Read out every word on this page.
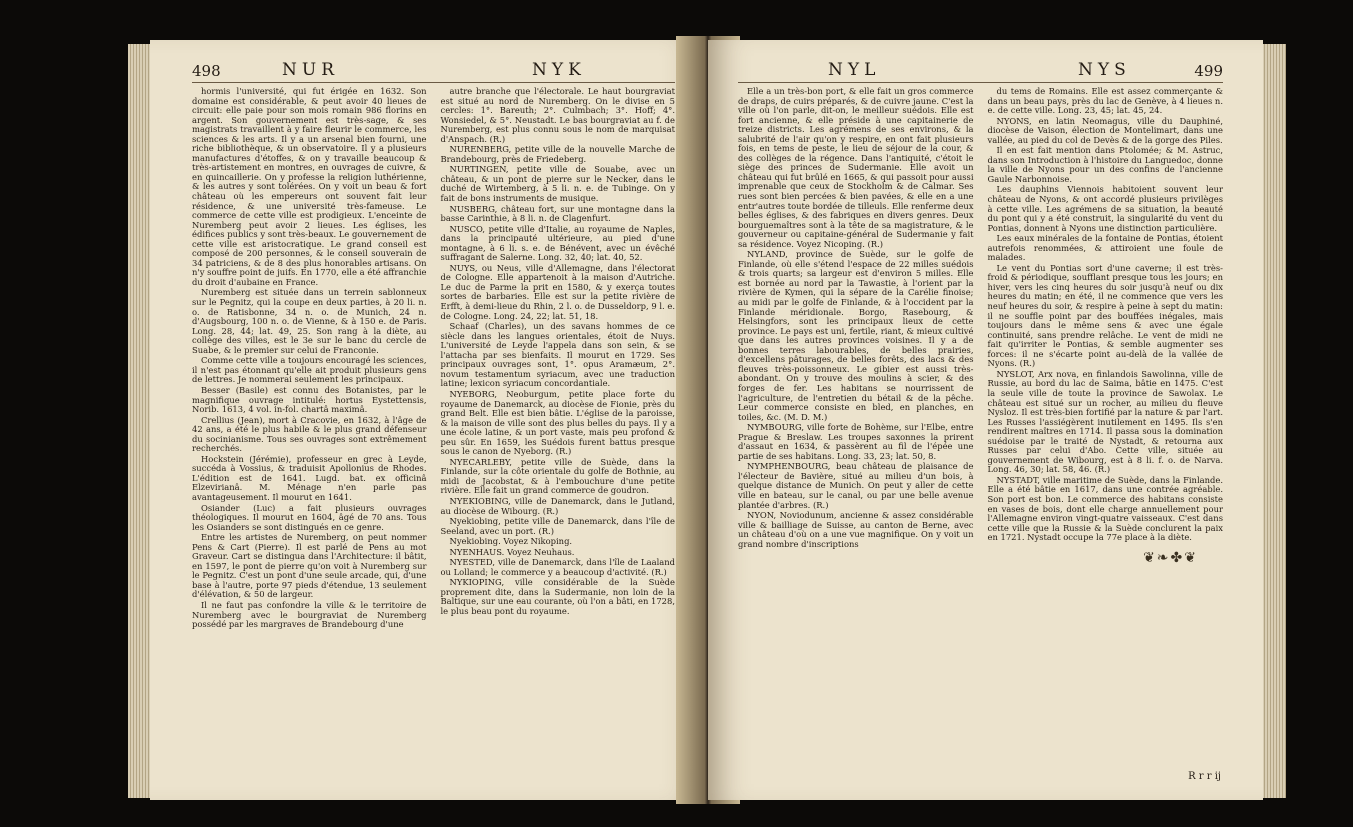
498	NUR	NYK

hormis l'université, qui fut érigée en 1632. Son domaine est considérable, & peut avoir 40 lieues de circuit: elle paie pour son mois romain 986 florins en argent. Son gouvernement est très-sage, & ses magistrats travaillent à y faire fleurir le commerce, les sciences & les arts. Il y a un arsenal bien fourni, une riche bibliothèque, & un observatoire. Il y a plusieurs manufactures d'étoffes, & on y travaille beaucoup & très-artistement en montres, en ouvrages de cuivre, & en quincaillerie. On y professe la religion luthérienne, & les autres y sont tolérées. On y voit un beau & fort château où les empereurs ont souvent fait leur résidence, & une université très-fameuse. Le commerce de cette ville est prodigieux. L'enceinte de Nuremberg peut avoir 2 lieues. Les églises, les édifices publics y sont très-beaux. Le gouvernement de cette ville est aristocratique. Le grand conseil est composé de 200 personnes, & le conseil souverain de 34 patriciens, & de 8 des plus honorables artisans. On n'y souffre point de juifs. En 1770, elle a été affranchie du droit d'aubaine en France.

Nuremberg est située dans un terrein sablonneux sur le Pegnitz, qui la coupe en deux parties, à 20 li. n. o. de Ratisbonne, 34 n. o. de Munich, 24 n. d'Augsbourg, 100 n. o. de Vienne, & à 150 e. de Paris. Long. 28, 44; lat. 49, 25. Son rang à la diète, au collège des villes, est le 3e sur le banc du cercle de Suabe, & le premier sur celui de Franconie.

Comme cette ville a toujours encouragé les sciences, il n'est pas étonnant qu'elle ait produit plusieurs gens de lettres. Je nommerai seulement les principaux.

Besser (Basile) est connu des Botanistes, par le magnifique ouvrage intitulé: hortus Eystettensis, Norib. 1613, 4 vol. in-fol. chartâ maximâ.

Crellius (Jean), mort à Cracovie, en 1632, à l'âge de 42 ans, a été le plus habile & le plus grand défenseur du socinianisme. Tous ses ouvrages sont extrêmement recherchés.

Hockstein (Jérémie), professeur en grec à Leyde, succéda à Vossius, & traduisit Apollonius de Rhodes. L'édition est de 1641. Lugd. bat. ex officinâ Elzevirianâ. M. Ménage n'en parle pas avantageusement. Il mourut en 1641.

Osiander (Luc) a fait plusieurs ouvrages théologiques. Il mourut en 1604, âgé de 70 ans. Tous les Osianders se sont distingués en ce genre.

Entre les artistes de Nuremberg, on peut nommer Pens & Cart (Pierre). Il est parlé de Pens au mot Graveur. Cart se distingua dans l'Architecture: il bâtit, en 1597, le pont de pierre qu'on voit à Nuremberg sur le Pegnitz. C'est un pont d'une seule arcade, qui, d'une base à l'autre, porte 97 pieds d'étendue, 13 seulement d'élévation, & 50 de largeur.

Il ne faut pas confondre la ville & le territoire de Nuremberg avec le bourgraviat de Nuremberg possédé par les margraves de Brandebourg d'une

autre branche que l'électorale. Le haut bourgraviat est situé au nord de Nuremberg. On le divise en 5 cercles: 1°. Bareuth; 2°. Culmbach; 3°. Hoff; 4°. Wonsiedel, & 5°. Neustadt. Le bas bourgraviat au f. de Nuremberg, est plus connu sous le nom de marquisat d'Anspach. (R.)

NURENBERG, petite ville de la nouvelle Marche de Brandebourg, près de Friedeberg.

NURTINGEN, petite ville de Souabe, avec un château, & un pont de pierre sur le Necker, dans le duché de Wirtemberg, à 5 li. n. e. de Tubinge. On y fait de bons instruments de musique.

NUSBERG, château fort, sur une montagne dans la basse Carinthie, à 8 li. n. de Clagenfurt.

NUSCO, petite ville d'Italie, au royaume de Naples, dans la principauté ultérieure, au pied d'une montagne, à 6 li. s. e. de Bénévent, avec un évêché suffragant de Salerne. Long. 32, 40; lat. 40, 52.

NUYS, ou Neus, ville d'Allemagne, dans l'électorat de Cologne. Elle appartenoit à la maison d'Autriche. Le duc de Parme la prit en 1580, & y exerça toutes sortes de barbaries. Elle est sur la petite rivière de Erfft, à demi-lieue du Rhin, 2 l. o. de Dusseldorp, 9 l. e. de Cologne. Long. 24, 22; lat. 51, 18.

Schaaf (Charles), un des savans hommes de ce siècle dans les langues orientales, étoit de Nuys. L'université de Leyde l'appela dans son sein, & se l'attacha par ses bienfaits. Il mourut en 1729. Ses principaux ouvrages sont, 1°. opus Aramæum, 2°. novum testamentum syriacum, avec une traduction latine; lexicon syriacum concordantiale.

NYEBORG, Neoburgum, petite place forte du royaume de Danemarck, au diocèse de Fionie, près du grand Belt. Elle est bien bâtie. L'église de la paroisse, & la maison de ville sont des plus belles du pays. Il y a une école latine, & un port vaste, mais peu profond & peu sûr. En 1659, les Suédois furent battus presque sous le canon de Nyeborg. (R.)

NYECARLEBY, petite ville de Suède, dans la Finlande, sur la côte orientale du golfe de Bothnie, au midi de Jacobstat, & à l'embouchure d'une petite rivière. Elle fait un grand commerce de goudron.

NYEKIOBING, ville de Danemarck, dans le Jutland, au diocèse de Wibourg. (R.)

Nyekiobing, petite ville de Danemarck, dans l'île de Seeland, avec un port. (R.)

Nyekiobing. Voyez Nikoping.

NYENHAUS. Voyez Neuhaus.

NYESTED, ville de Danemarck, dans l'île de Laaland ou Lolland; le commerce y a beaucoup d'activité. (R.)

NYKIOPING, ville considérable de la Suède proprement dite, dans la Sudermanie, non loin de la Baltique, sur une eau courante, où l'on a bâti, en 1728, le plus beau pont du royaume.

NYL	NYS	499

Elle a un très-bon port, & elle fait un gros commerce de draps, de cuirs préparés, & de cuivre jaune. C'est la ville où l'on parle, dit-on, le meilleur suédois. Elle est fort ancienne, & elle préside à une capitainerie de treize districts. Les agrémens de ses environs, & la salubrité de l'air qu'on y respire, en ont fait plusieurs fois, en tems de peste, le lieu de séjour de la cour, & des collèges de la régence. Dans l'antiquité, c'étoit le siège des princes de Sudermanie. Elle avoit un château qui fut brûlé en 1665, & qui passoit pour aussi imprenable que ceux de Stockholm & de Calmar. Ses rues sont bien percées & bien pavées, & elle en a une entr'autres toute bordée de tilleuls. Elle renferme deux belles églises, & des fabriques en divers genres. Deux bourguemaîtres sont à la tête de sa magistrature, & le gouverneur ou capitaine-général de Sudermanie y fait sa résidence. Voyez Nicoping. (R.)

NYLAND, province de Suède, sur le golfe de Finlande, où elle s'étend l'espace de 22 milles suédois & trois quarts; sa largeur est d'environ 5 milles. Elle est bornée au nord par la Tawastie, à l'orient par la rivière de Kymen, qui la sépare de la Carélie finoise; au midi par le golfe de Finlande, & à l'occident par la Finlande méridionale. Borgo, Rasebourg, & Helsingfors, sont les principaux lieux de cette province. Le pays est uni, fertile, riant, & mieux cultivé que dans les autres provinces voisines. Il y a de bonnes terres labourables, de belles prairies, d'excellens pâturages, de belles forêts, des lacs & des fleuves très-poissonneux. Le gibier est aussi très-abondant. On y trouve des moulins à scier, & des forges de fer. Les habitans se nourrissent de l'agriculture, de l'entretien du bétail & de la pêche. Leur commerce consiste en bled, en planches, en toiles, &c. (M. D. M.)

NYMBOURG, ville forte de Bohème, sur l'Elbe, entre Prague & Breslaw. Les troupes saxonnes la prirent d'assaut en 1634, & passèrent au fil de l'épée une partie de ses habitans. Long. 33, 23; lat. 50, 8.

NYMPHENBOURG, beau château de plaisance de l'électeur de Bavière, situé au milieu d'un bois, à quelque distance de Munich. On peut y aller de cette ville en bateau, sur le canal, ou par une belle avenue plantée d'arbres. (R.)

NYON, Noviodunum, ancienne & assez considérable ville & bailliage de Suisse, au canton de Berne, avec un château d'où on a une vue magnifique. On y voit un grand nombre d'inscriptions

du tems de Romains. Elle est assez commerçante & dans un beau pays, près du lac de Genève, à 4 lieues n. e. de cette ville. Long. 23, 45; lat. 45, 24.

NYONS, en latin Neomagus, ville du Dauphiné, diocèse de Vaison, élection de Montelimart, dans une vallée, au pied du col de Devès & de la gorge des Piles.

Il en est fait mention dans Ptolomée; & M. Astruc, dans son Introduction à l'histoire du Languedoc, donne la ville de Nyons pour un des confins de l'ancienne Gaule Narbonnoise.

Les dauphins Viennois habitoient souvent leur château de Nyons, & ont accordé plusieurs privilèges à cette ville. Les agrémens de sa situation, la beauté du pont qui y a été construit, la singularité du vent du Pontias, donnent à Nyons une distinction particulière.

Les eaux minérales de la fontaine de Pontias, étoient autrefois renommées, & attiroient une foule de malades.

Le vent du Pontias sort d'une caverne; il est très-froid & périodique, soufflant presque tous les jours; en hiver, vers les cinq heures du soir jusqu'à neuf ou dix heures du matin; en été, il ne commence que vers les neuf heures du soir, & respire à peine à sept du matin: il ne souffle point par des bouffées inégales, mais toujours dans le même sens & avec une égale continuité, sans prendre relâche. Le vent de midi ne fait qu'irriter le Pontias, & semble augmenter ses forces: il ne s'écarte point au-delà de la vallée de Nyons. (R.)

NYSLOT, Arx nova, en finlandois Sawolinna, ville de Russie, au bord du lac de Saima, bâtie en 1475. C'est la seule ville de toute la province de Sawolax. Le château est situé sur un rocher, au milieu du fleuve Nysloz. Il est très-bien fortifié par la nature & par l'art. Les Russes l'assiégèrent inutilement en 1495. Ils s'en rendirent maîtres en 1714. Il passa sous la domination suédoise par le traité de Nystadt, & retourna aux Russes par celui d'Abo. Cette ville, située au gouvernement de Wibourg, est à 8 li. f. o. de Narva. Long. 46, 30; lat. 58, 46. (R.)

NYSTADT, ville maritime de Suède, dans la Finlande. Elle a été bâtie en 1617, dans une contrée agréable. Son port est bon. Le commerce des habitans consiste en vases de bois, dont elle charge annuellement pour l'Allemagne environ vingt-quatre vaisseaux. C'est dans cette ville que la Russie & la Suède conclurent la paix en 1721. Nystadt occupe la 77e place à la diète.

❦❧✤❦
R r r ij
